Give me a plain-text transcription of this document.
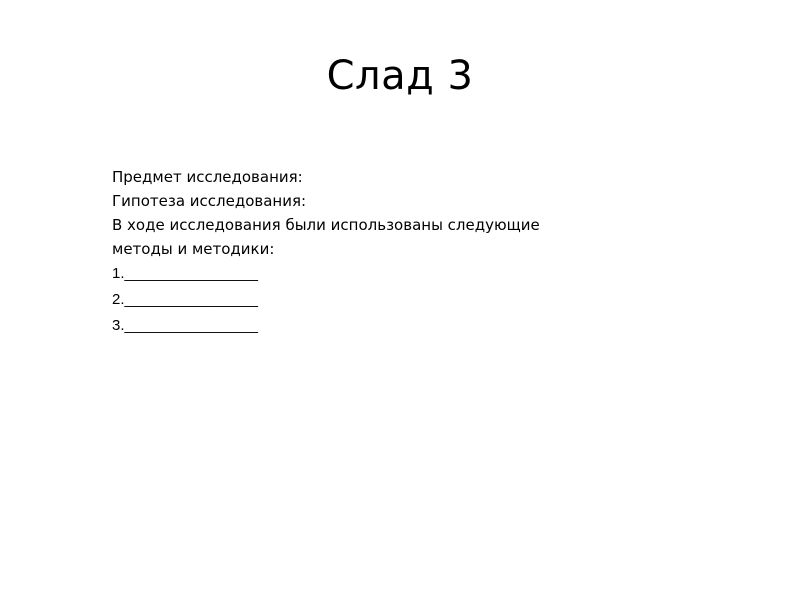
Слад 3
Предмет исследования:
Гипотеза исследования:
В ходе исследования были использованы следующие
методы и методики:
1.________________
2.________________
3.________________
